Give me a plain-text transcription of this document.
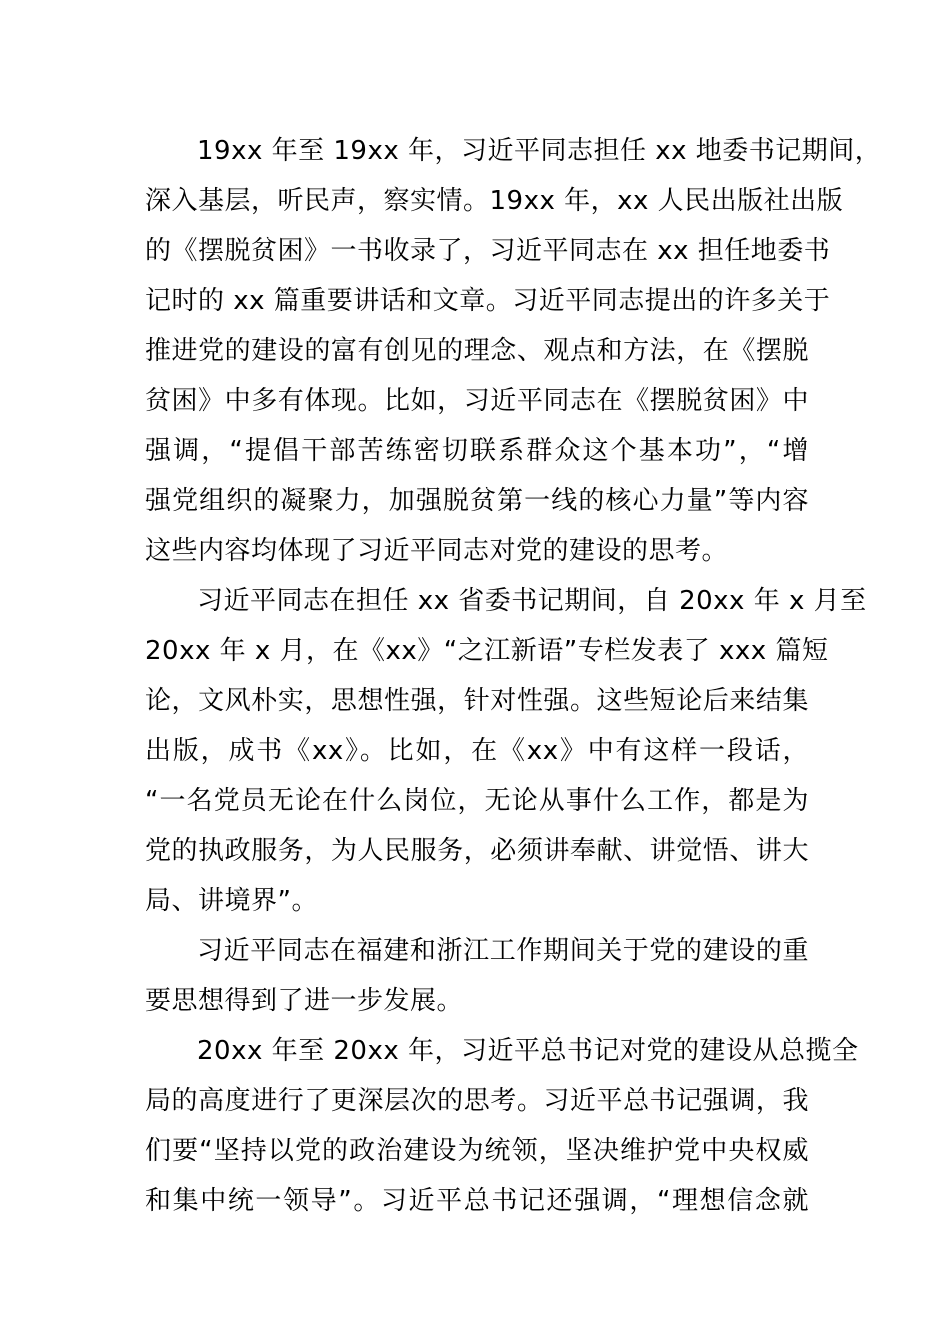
19xx 年至 19xx 年，习近平同志担任 xx 地委书记期间，
深入基层，听民声，察实情。19xx 年，xx 人民出版社出版
的《摆脱贫困》一书收录了，习近平同志在 xx 担任地委书
记时的 xx 篇重要讲话和文章。习近平同志提出的许多关于
推进党的建设的富有创见的理念、观点和方法，在《摆脱
贫困》中多有体现。比如，习近平同志在《摆脱贫困》中
强调，“提倡干部苦练密切联系群众这个基本功”，“增
强党组织的凝聚力，加强脱贫第一线的核心力量”等内容
这些内容均体现了习近平同志对党的建设的思考。
习近平同志在担任 xx 省委书记期间，自 20xx 年 x 月至
20xx 年 x 月，在《xx》“之江新语”专栏发表了 xxx 篇短
论，文风朴实，思想性强，针对性强。这些短论后来结集
出版，成书《xx》。比如，在《xx》中有这样一段话，
“一名党员无论在什么岗位，无论从事什么工作，都是为
党的执政服务，为人民服务，必须讲奉献、讲觉悟、讲大
局、讲境界”。
习近平同志在福建和浙江工作期间关于党的建设的重
要思想得到了进一步发展。
20xx 年至 20xx 年，习近平总书记对党的建设从总揽全
局的高度进行了更深层次的思考。习近平总书记强调，我
们要“坚持以党的政治建设为统领，坚决维护党中央权威
和集中统一领导”。习近平总书记还强调，“理想信念就
